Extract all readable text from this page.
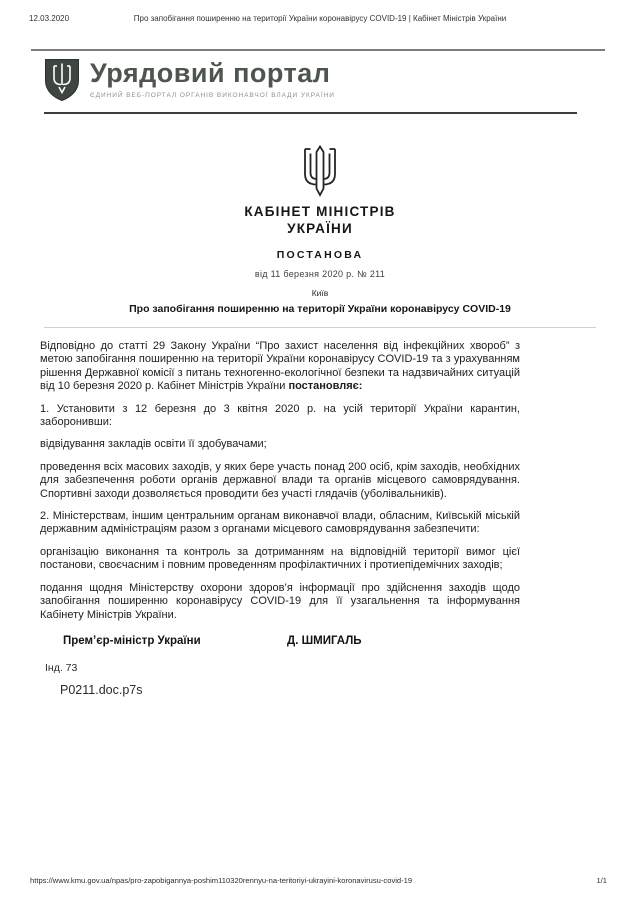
12.03.2020	Про запобігання поширенню на території України коронавірусу COVID-19 | Кабінет Міністрів України
Урядовий портал
ЄДИНИЙ ВЕБ-ПОРТАЛ ОРГАНІВ ВИКОНАВЧОЇ ВЛАДИ УКРАЇНИ
КАБІНЕТ МІНІСТРІВ
УКРАЇНИ
ПОСТАНОВА
від 11 березня 2020 р. № 211
Київ
Про запобігання поширенню на території України коронавірусу COVID-19

Відповідно до статті 29 Закону України “Про захист населення від інфекційних хвороб” з метою запобігання поширенню на території України коронавірусу COVID-19 та з урахуванням рішення Державної комісії з питань техногенно-екологічної безпеки та надзвичайних ситуацій від 10 березня 2020 р. Кабінет Міністрів України постановляє:

1. Установити з 12 березня до 3 квітня 2020 р. на усій території України карантин, заборонивши:

відвідування закладів освіти її здобувачами;

проведення всіх масових заходів, у яких бере участь понад 200 осіб, крім заходів, необхідних для забезпечення роботи органів державної влади та органів місцевого самоврядування. Спортивні заходи дозволяється проводити без участі глядачів (уболівальників).

2. Міністерствам, іншим центральним органам виконавчої влади, обласним, Київській міській державним адміністраціям разом з органами місцевого самоврядування забезпечити:

організацію виконання та контроль за дотриманням на відповідній території вимог цієї постанови, своєчасним і повним проведенням профілактичних і протиепідемічних заходів;

подання щодня Міністерству охорони здоров’я інформації про здійснення заходів щодо запобігання поширенню коронавірусу COVID-19 для її узагальнення та інформування Кабінету Міністрів України.

Прем’єр-міністр України	Д. ШМИГАЛЬ
Інд. 73
P0211.doc.p7s
https://www.kmu.gov.ua/npas/pro-zapobigannya-poshim110320rennyu-na-teritoriyi-ukrayini-koronavirusu-covid-19	1/1
